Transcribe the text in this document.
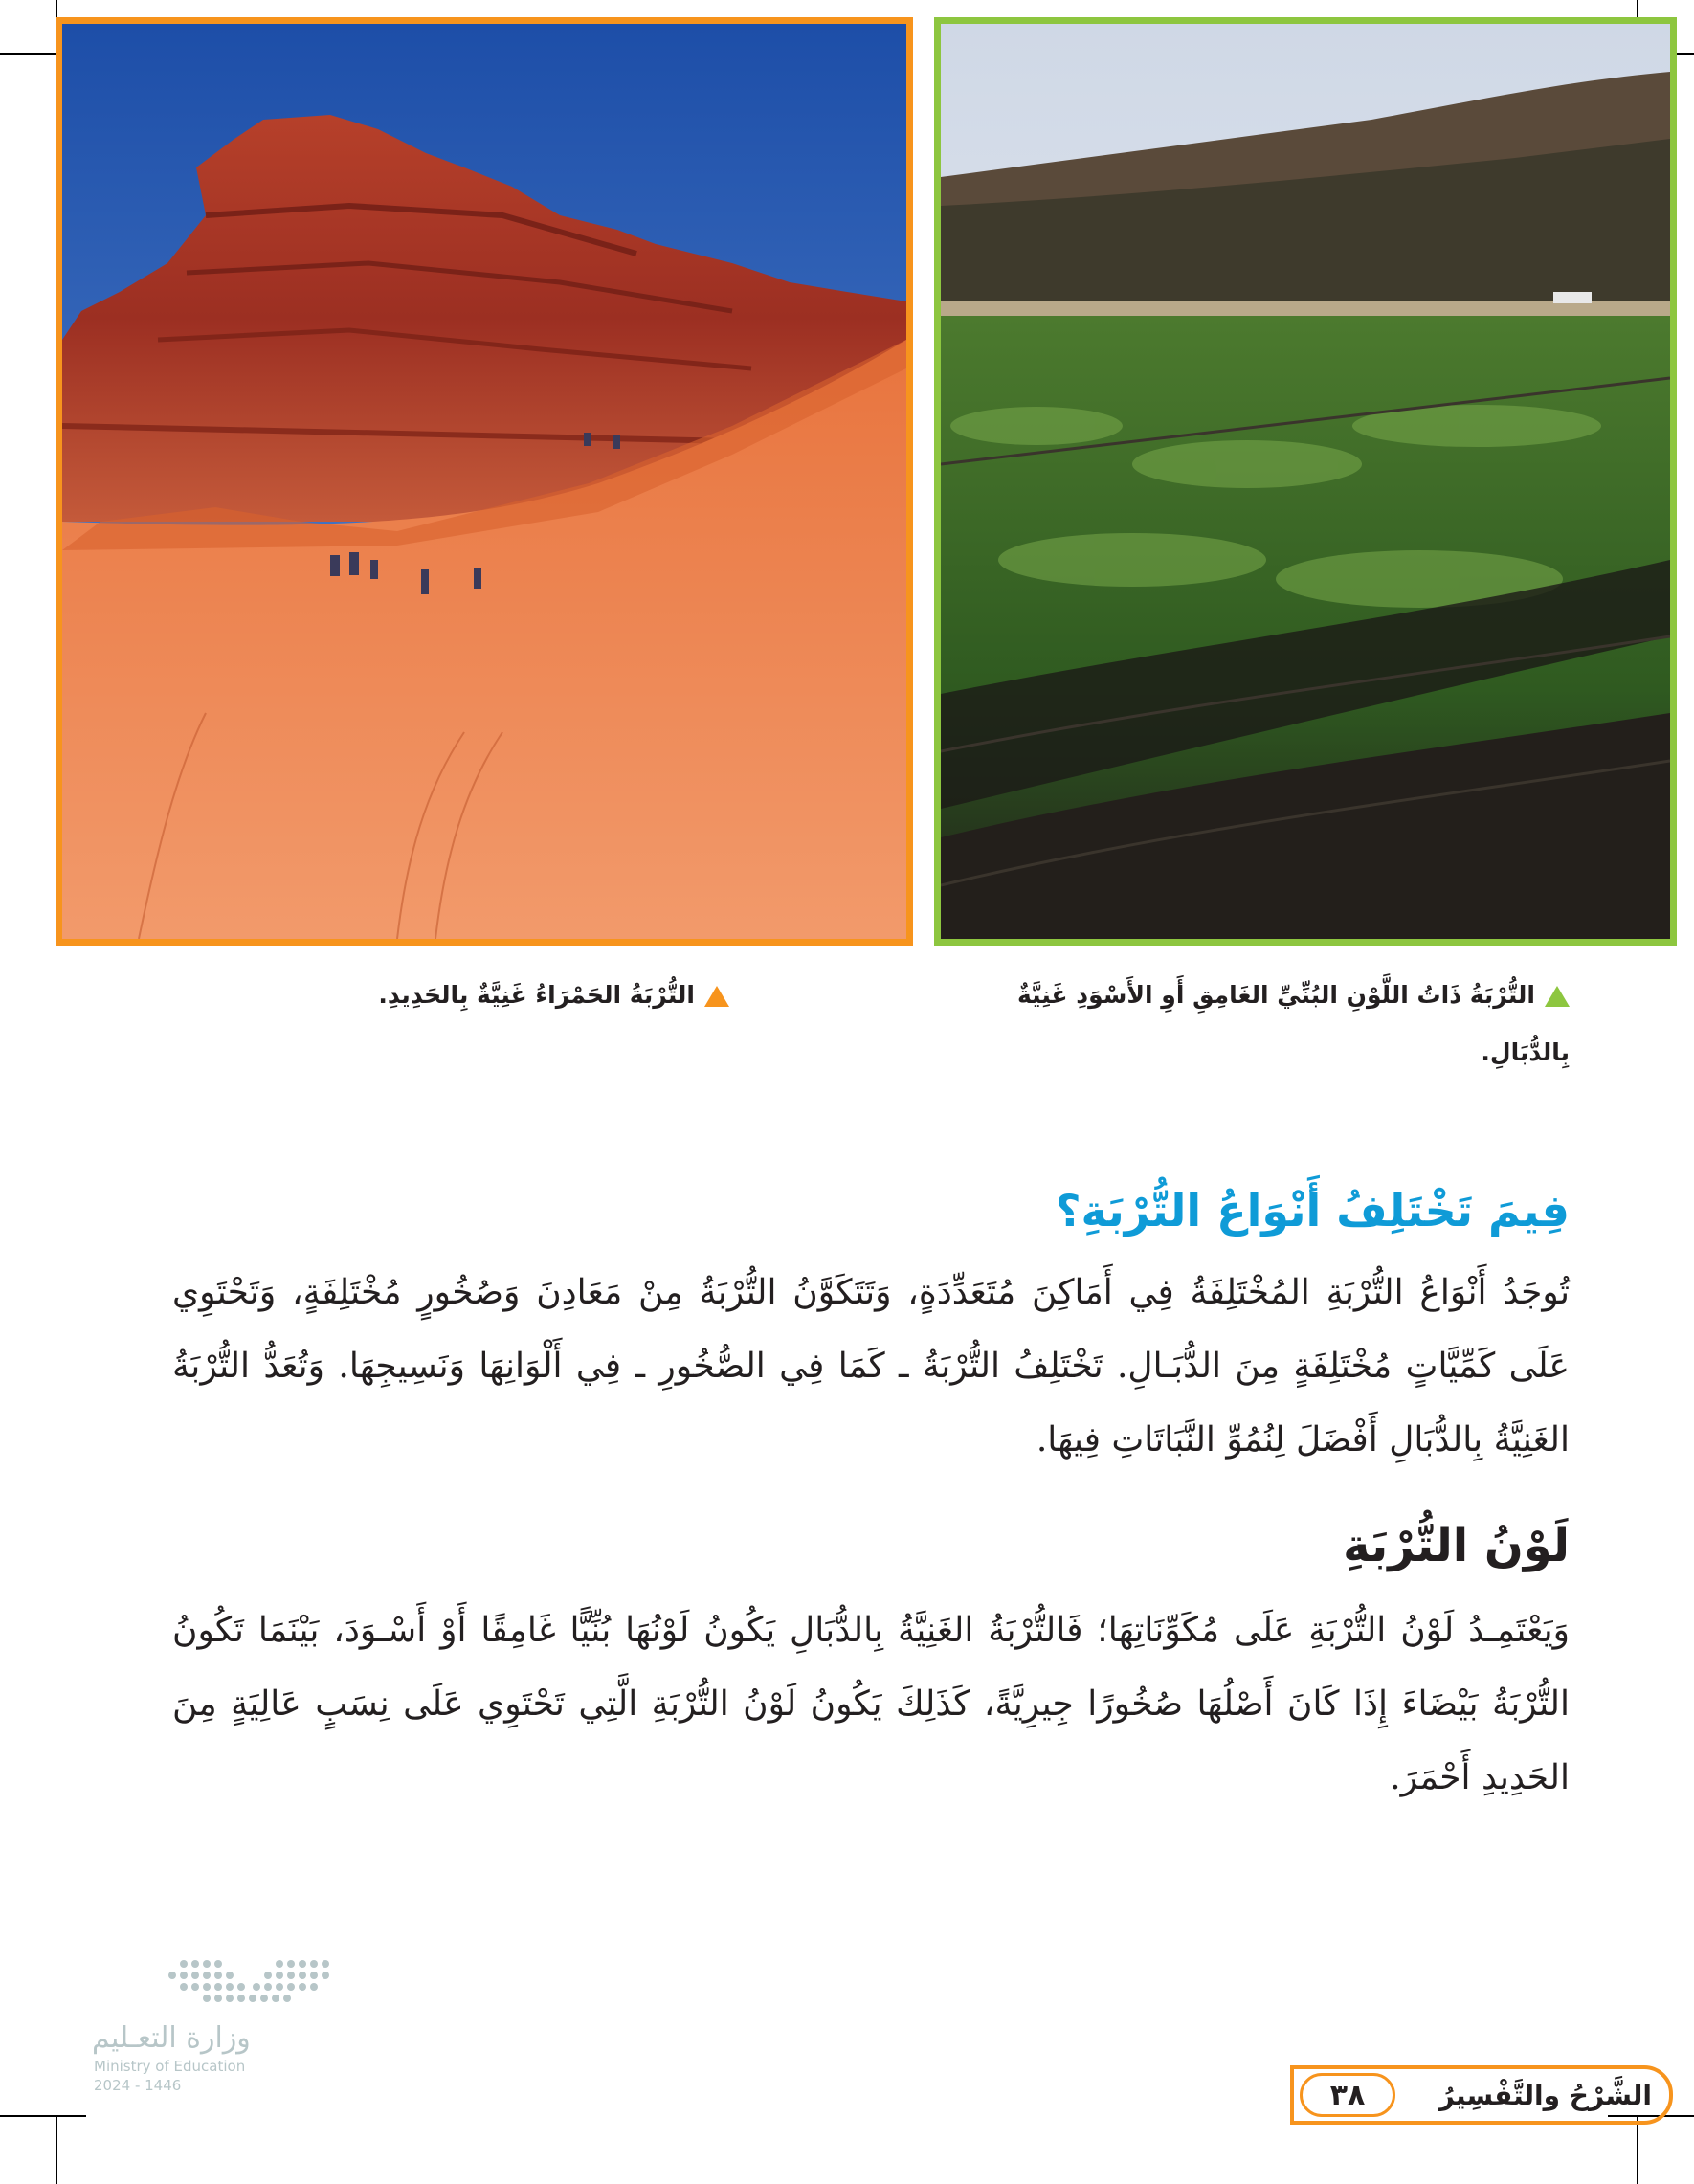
التُّرْبَةُ ذَاتُ اللَّوْنِ البُنِّيِّ الغَامِقِ أَوِ الأَسْوَدِ غَنِيَّةٌ بِالدُّبَالِ.
التُّرْبَةُ الحَمْرَاءُ غَنِيَّةٌ بِالحَدِيدِ.
فِيمَ تَخْتَلِفُ أَنْوَاعُ التُّرْبَةِ؟
تُوجَدُ أَنْوَاعُ التُّرْبَةِ المُخْتَلِفَةُ فِي أَمَاكِنَ مُتَعَدِّدَةٍ، وَتَتَكَوَّنُ التُّرْبَةُ مِنْ مَعَادِنَ وَصُخُورٍ مُخْتَلِفَةٍ، وَتَحْتَوِي عَلَى كَمِّيَّاتٍ مُخْتَلِفَةٍ مِنَ الدُّبَـالِ. تَخْتَلِفُ التُّرْبَةُ ـ كَمَا فِي الصُّخُورِ ـ فِي أَلْوَانِهَا وَنَسِيجِهَا. وَتُعَدُّ التُّرْبَةُ الغَنِيَّةُ بِالدُّبَالِ أَفْضَلَ لِنُمُوِّ النَّبَاتَاتِ فِيهَا.
لَوْنُ التُّرْبَةِ
وَيَعْتَمِـدُ لَوْنُ التُّرْبَةِ عَلَى مُكَوِّنَاتِهَا؛ فَالتُّرْبَةُ الغَنِيَّةُ بِالدُّبَالِ يَكُونُ لَوْنُهَا بُنِّيًّا غَامِقًا أَوْ أَسْـوَدَ، بَيْنَمَا تَكُونُ التُّرْبَةُ بَيْضَاءَ إِذَا كَانَ أَصْلُهَا صُخُورًا جِيرِيَّةً، كَذَلِكَ يَكُونُ لَوْنُ التُّرْبَةِ الَّتِي تَحْتَوِي عَلَى نِسَبٍ عَالِيَةٍ مِنَ الحَدِيدِ أَحْمَرَ.
وزارة التعـليم
Ministry of Education
2024 - 1446	الشَّرْحُ والتَّفْسِيرُ
٣٨
